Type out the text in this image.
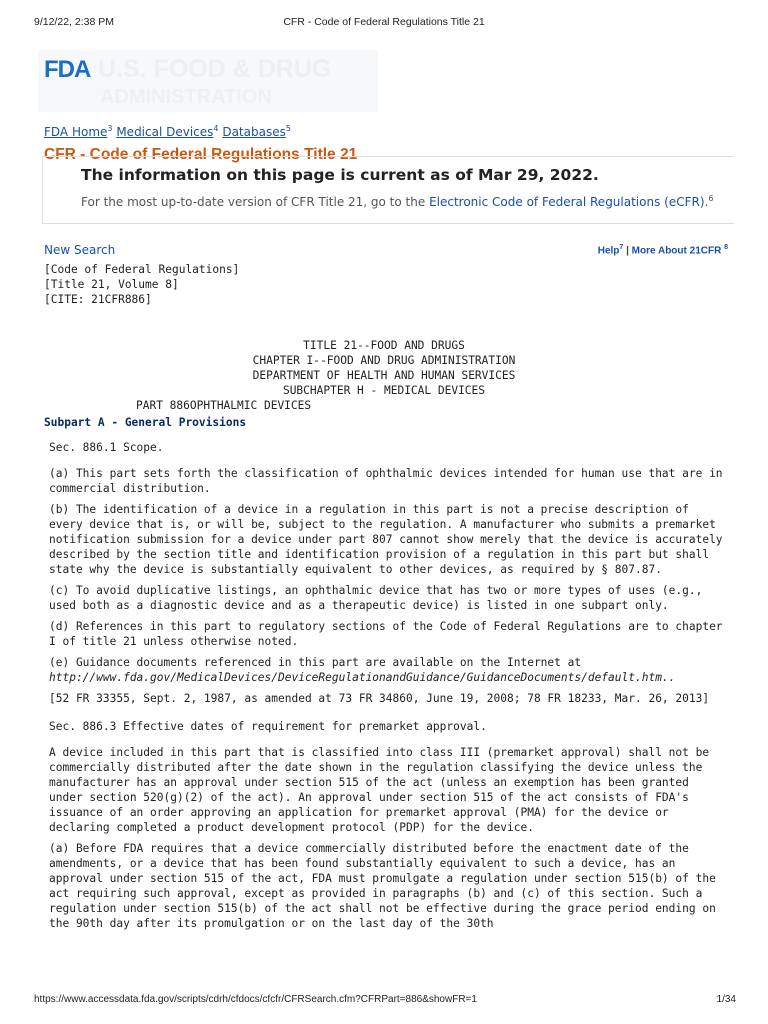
9/12/22, 2:38 PM	CFR - Code of Federal Regulations Title 21
FDA U.S. FOOD & DRUG
ADMINISTRATION
FDA Home$^3$ Medical Devices$^4$ Databases$^5$
CFR - Code of Federal Regulations Title 21
The information on this page is current as of Mar 29, 2022.
For the most up-to-date version of CFR Title 21, go to the Electronic Code of Federal Regulations (eCFR).$^6$
New Search	Help$^7$ | More About 21CFR $^8$
[Code of Federal Regulations]
[Title 21, Volume 8]
[CITE: 21CFR886]
TITLE 21--FOOD AND DRUGS
CHAPTER I--FOOD AND DRUG ADMINISTRATION
DEPARTMENT OF HEALTH AND HUMAN SERVICES
SUBCHAPTER H - MEDICAL DEVICES
PART 886OPHTHALMIC DEVICES
Subpart A - General Provisions

Sec. 886.1 Scope.

(a) This part sets forth the classification of ophthalmic devices intended for human use that are in commercial distribution.

(b) The identification of a device in a regulation in this part is not a precise description of every device that is, or will be, subject to the regulation. A manufacturer who submits a premarket notification submission for a device under part 807 cannot show merely that the device is accurately described by the section title and identification provision of a regulation in this part but shall state why the device is substantially equivalent to other devices, as required by § 807.87.

(c) To avoid duplicative listings, an ophthalmic device that has two or more types of uses (e.g., used both as a diagnostic device and as a therapeutic device) is listed in one subpart only.

(d) References in this part to regulatory sections of the Code of Federal Regulations are to chapter I of title 21 unless otherwise noted.

(e) Guidance documents referenced in this part are available on the Internet at
http://www.fda.gov/MedicalDevices/DeviceRegulationandGuidance/GuidanceDocuments/default.htm..

[52 FR 33355, Sept. 2, 1987, as amended at 73 FR 34860, June 19, 2008; 78 FR 18233, Mar. 26, 2013]

Sec. 886.3 Effective dates of requirement for premarket approval.

A device included in this part that is classified into class III (premarket approval) shall not be commercially distributed after the date shown in the regulation classifying the device unless the manufacturer has an approval under section 515 of the act (unless an exemption has been granted under section 520(g)(2) of the act). An approval under section 515 of the act consists of FDA's issuance of an order approving an application for premarket approval (PMA) for the device or declaring completed a product development protocol (PDP) for the device.

(a) Before FDA requires that a device commercially distributed before the enactment date of the amendments, or a device that has been found substantially equivalent to such a device, has an approval under section 515 of the act, FDA must promulgate a regulation under section 515(b) of the act requiring such approval, except as provided in paragraphs (b) and (c) of this section. Such a regulation under section 515(b) of the act shall not be effective during the grace period ending on the 90th day after its promulgation or on the last day of the 30th

https://www.accessdata.fda.gov/scripts/cdrh/cfdocs/cfcfr/CFRSearch.cfm?CFRPart=886&showFR=1	1/34
